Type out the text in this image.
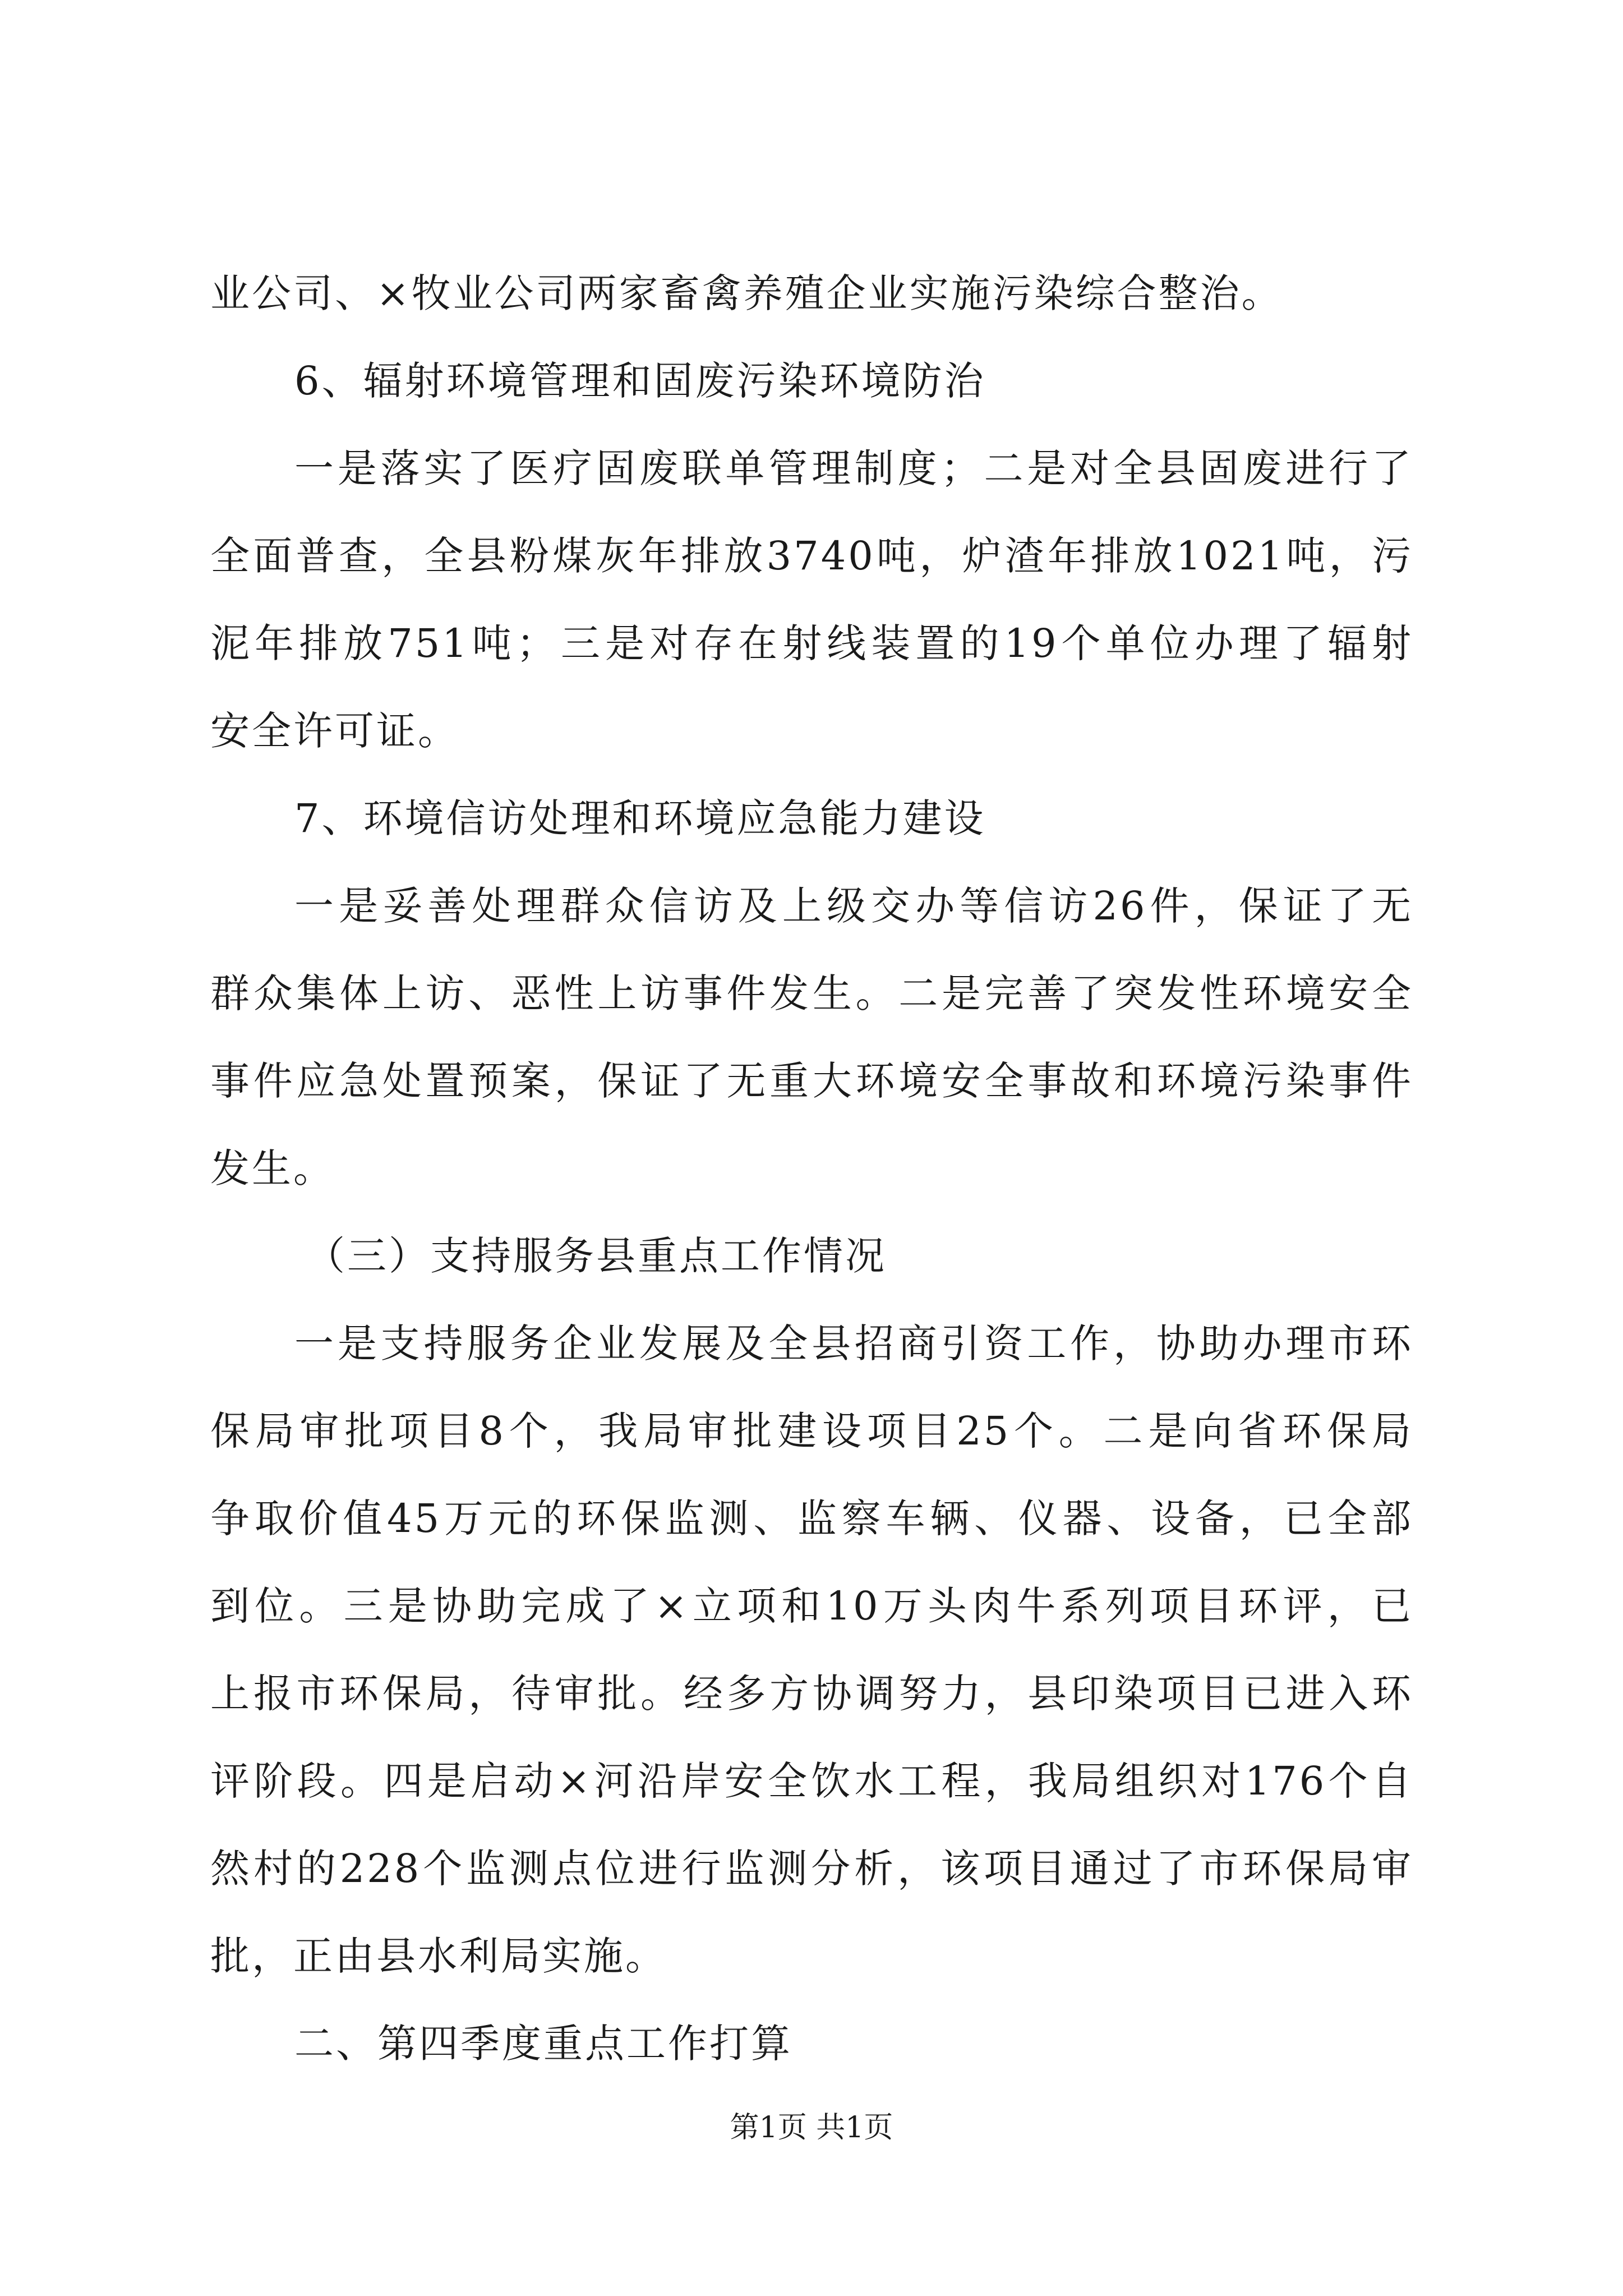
业公司、×牧业公司两家畜禽养殖企业实施污染综合整治。
6、辐射环境管理和固废污染环境防治
一是落实了医疗固废联单管理制度；二是对全县固废进行了
全面普查，全县粉煤灰年排放3740吨，炉渣年排放1021吨，污
泥年排放751吨；三是对存在射线装置的19个单位办理了辐射
安全许可证。
7、环境信访处理和环境应急能力建设
一是妥善处理群众信访及上级交办等信访26件，保证了无
群众集体上访、恶性上访事件发生。二是完善了突发性环境安全
事件应急处置预案，保证了无重大环境安全事故和环境污染事件
发生。
（三）支持服务县重点工作情况
一是支持服务企业发展及全县招商引资工作，协助办理市环
保局审批项目8个，我局审批建设项目25个。二是向省环保局
争取价值45万元的环保监测、监察车辆、仪器、设备，已全部
到位。三是协助完成了×立项和10万头肉牛系列项目环评，已
上报市环保局，待审批。经多方协调努力，县印染项目已进入环
评阶段。四是启动×河沿岸安全饮水工程，我局组织对176个自
然村的228个监测点位进行监测分析，该项目通过了市环保局审
批，正由县水利局实施。
二、第四季度重点工作打算
第1页 共1页
